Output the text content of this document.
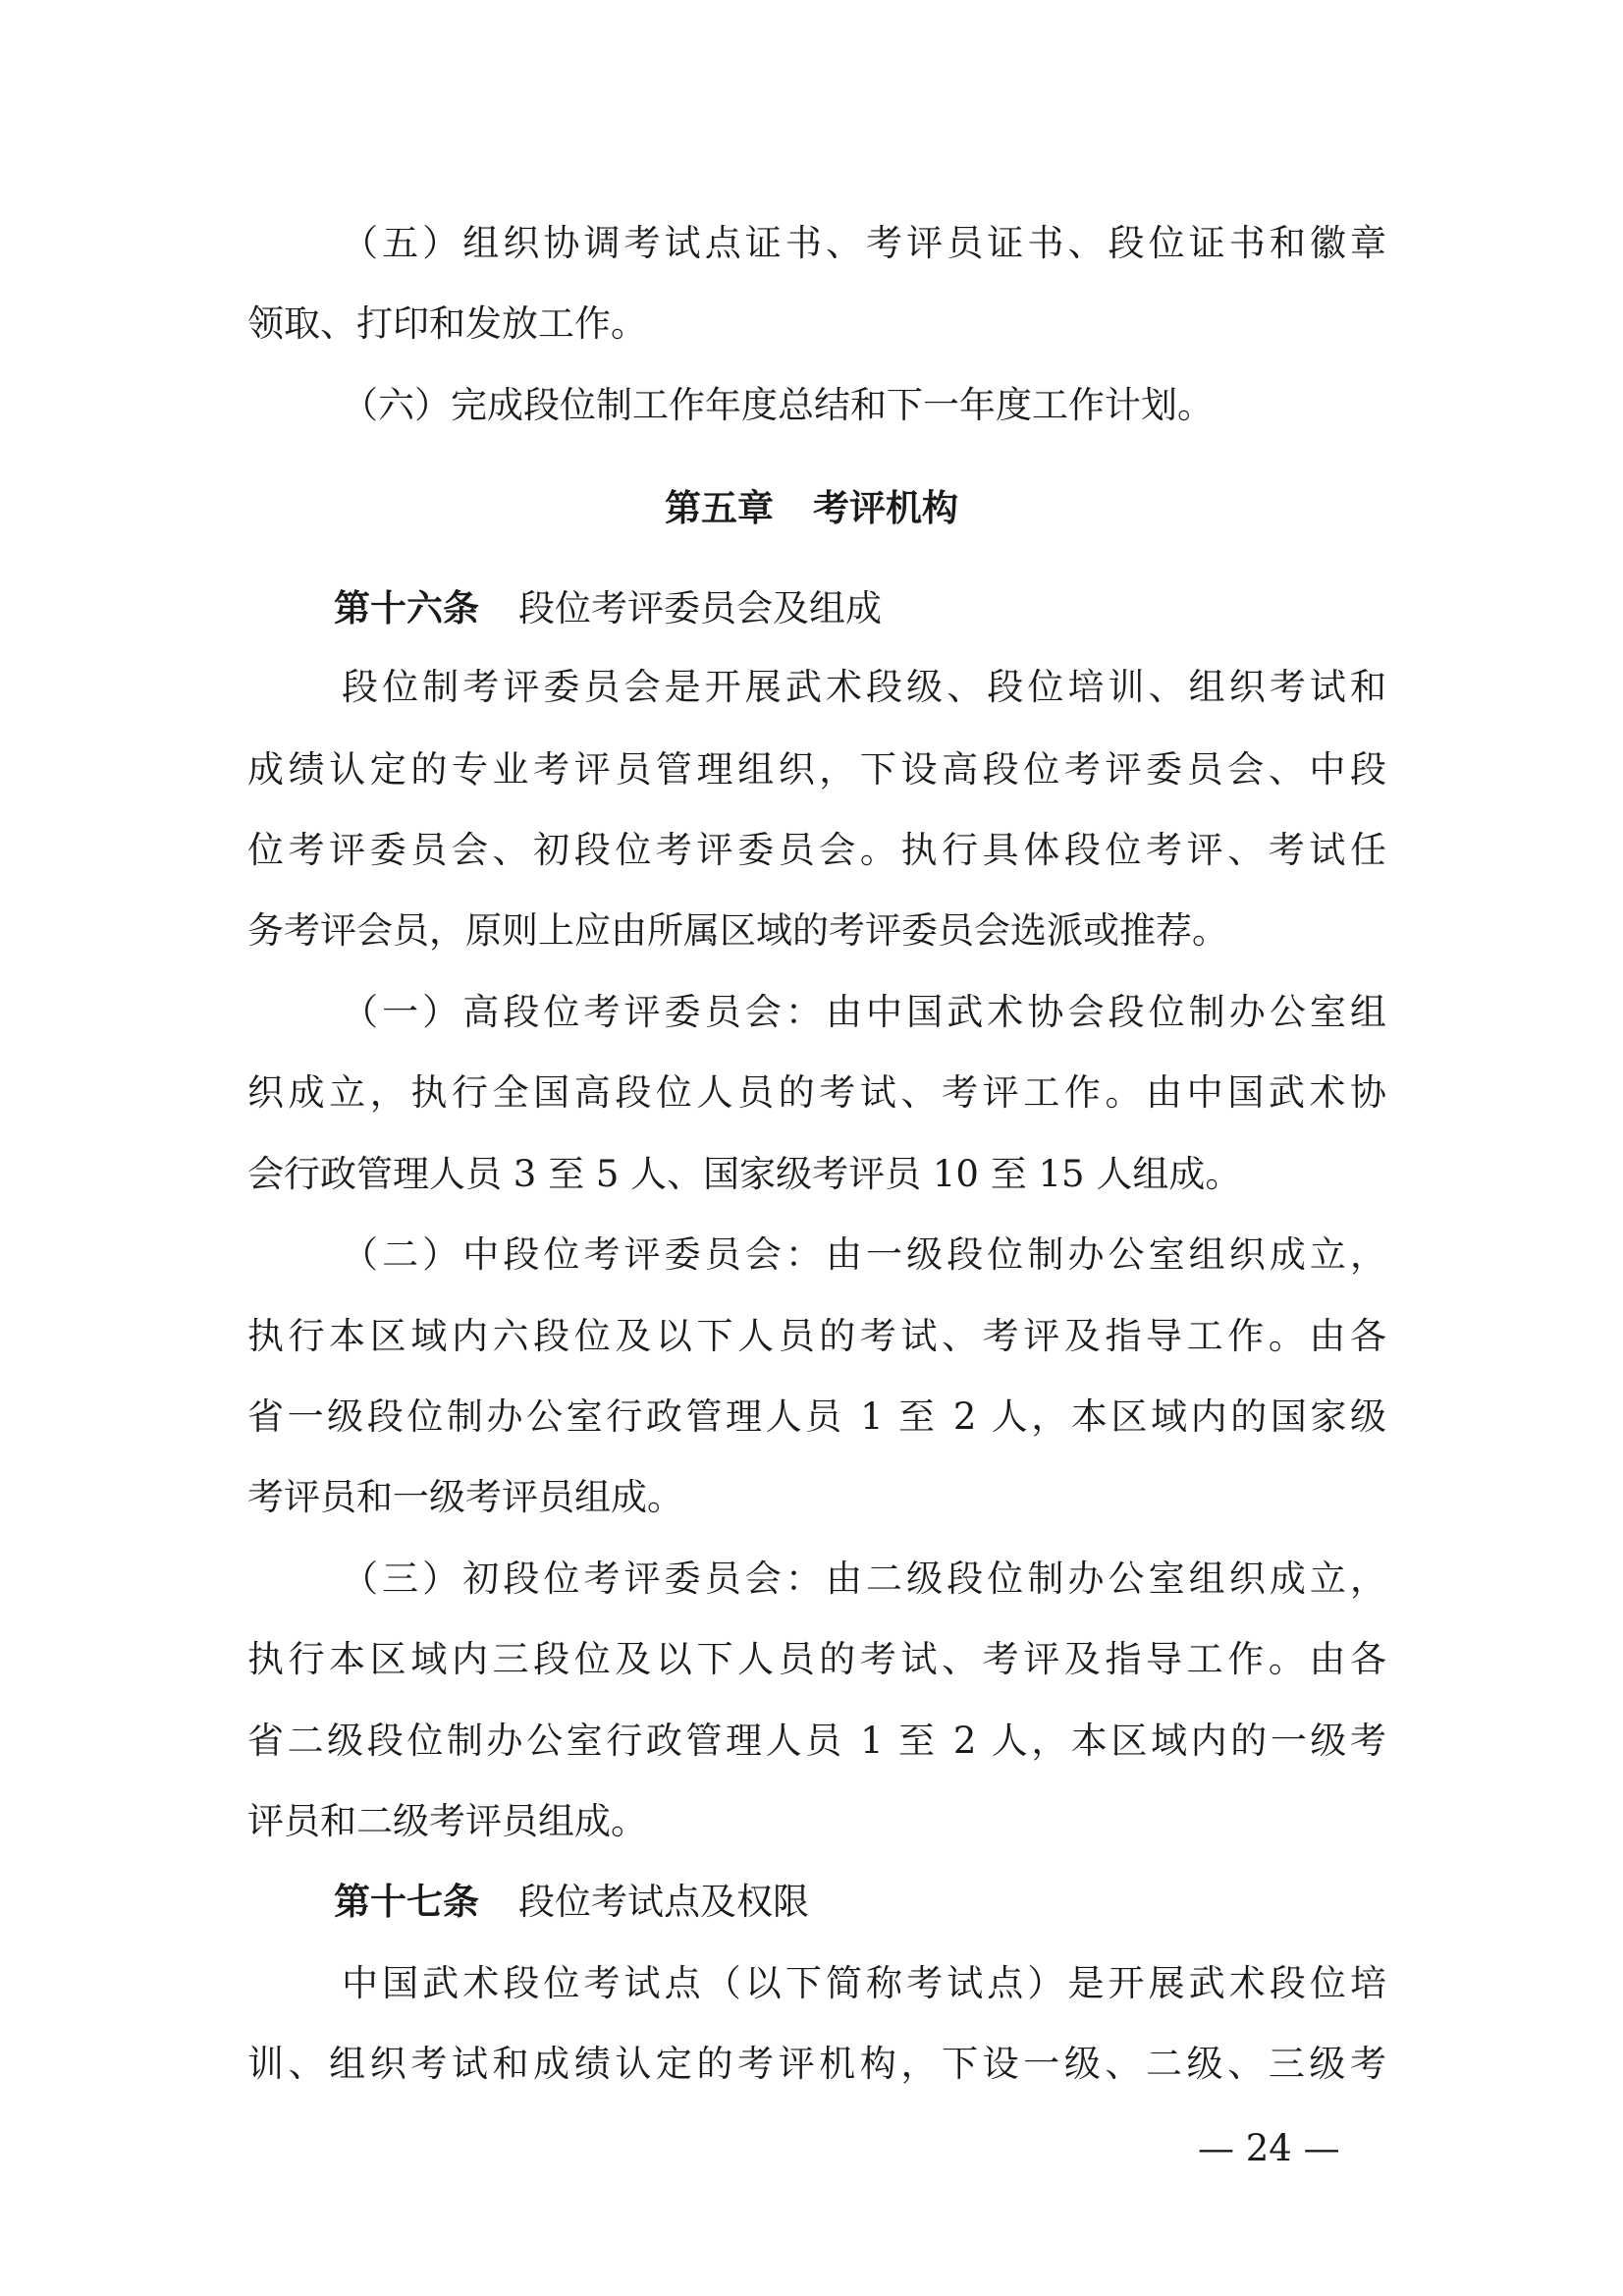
（五）组织协调考试点证书、考评员证书、段位证书和徽章
领取、打印和发放工作。
（六）完成段位制工作年度总结和下一年度工作计划。
第五章 考评机构
第十六条 段位考评委员会及组成
段位制考评委员会是开展武术段级、段位培训、组织考试和
成绩认定的专业考评员管理组织，下设高段位考评委员会、中段
位考评委员会、初段位考评委员会。执行具体段位考评、考试任
务考评会员，原则上应由所属区域的考评委员会选派或推荐。
（一）高段位考评委员会：由中国武术协会段位制办公室组
织成立，执行全国高段位人员的考试、考评工作。由中国武术协
会行政管理人员 3 至 5 人、国家级考评员 10 至 15 人组成。
（二）中段位考评委员会：由一级段位制办公室组织成立，
执行本区域内六段位及以下人员的考试、考评及指导工作。由各
省一级段位制办公室行政管理人员 1 至 2 人，本区域内的国家级
考评员和一级考评员组成。
（三）初段位考评委员会：由二级段位制办公室组织成立，
执行本区域内三段位及以下人员的考试、考评及指导工作。由各
省二级段位制办公室行政管理人员 1 至 2 人，本区域内的一级考
评员和二级考评员组成。
第十七条 段位考试点及权限
中国武术段位考试点（以下简称考试点）是开展武术段位培
训、组织考试和成绩认定的考评机构，下设一级、二级、三级考
— 24 —
